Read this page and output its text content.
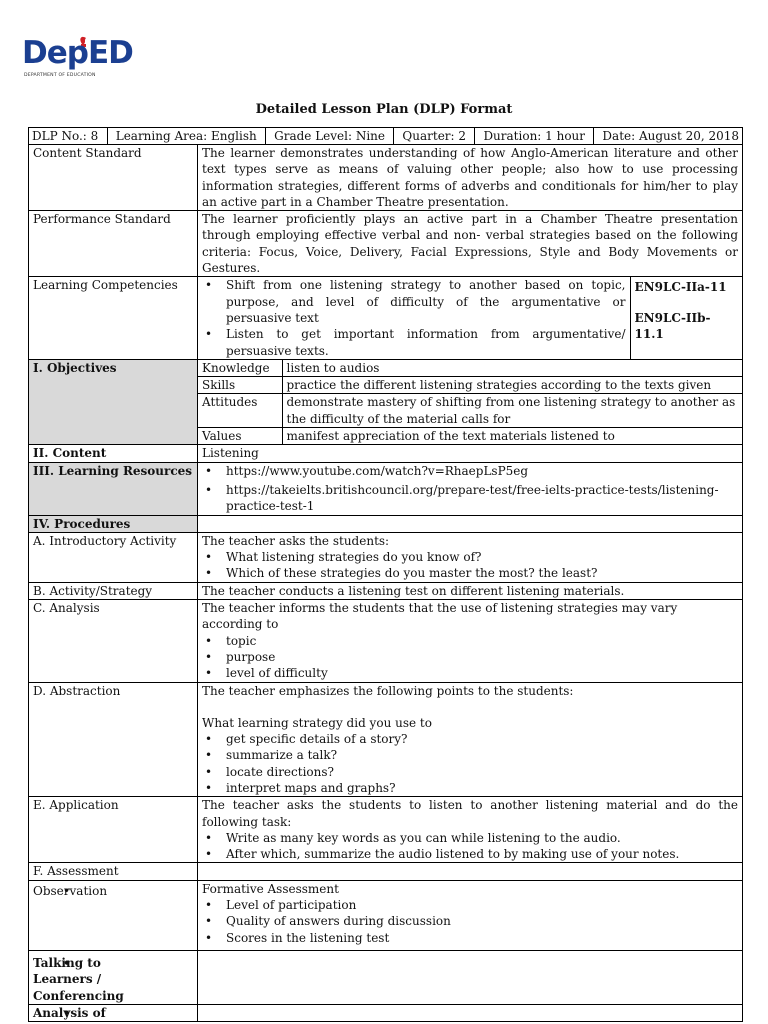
DepED
DEPARTMENT OF EDUCATION
Detailed Lesson Plan (DLP) Format
DLP No.: 8 Learning Area: English Grade Level: Nine Quarter: 2 Duration: 1 hour Date: August 20, 2018

Content Standard	The learner demonstrates understanding of how Anglo-American literature and other text types serve as means of valuing other people; also how to use processing information strategies, different forms of adverbs and conditionals for him/her to play an active part in a Chamber Theatre presentation.
Performance Standard	The learner proficiently plays an active part in a Chamber Theatre presentation through employing effective verbal and non- verbal strategies based on the following criteria: Focus, Voice, Delivery, Facial Expressions, Style and Body Movements or Gestures.
Learning Competencies	
•	Shift from one listening strategy to another based on topic, purpose, and level of difficulty of the argumentative or persuasive text
• Listen to get important information from argumentative/ persuasive texts.

EN9LC-IIa-11
EN9LC-IIb-11.1

I. Objectives		Knowledge	listen to audios
Skills	practice the different listening strategies according to the texts given
Attitudes	demonstrate mastery of shifting from one listening strategy to another as the difficulty of the material calls for
Values	manifest appreciation of the text materials listened to

II. Content	Listening
III. Learning Resources	
•https://www.youtube.com/watch?v=RhaepLsP5eg
• https://takeielts.britishcouncil.org/prepare-test/free-ielts-practice-tests/listening-practice-test-1

IV. Procedures	
A. Introductory Activity	The teacher asks the students:
• What listening strategies do you know of?
• Which of these strategies do you master the most? the least?

B. Activity/Strategy	The teacher conducts a listening test on different listening materials.
C. Analysis	The teacher informs the students that the use of listening strategies may vary according to
• topic
• purpose
• level of difficulty

D. Abstraction	The teacher emphasizes the following points to the students:
What learning strategy did you use to
• get specific details of a story?
• summarize a talk?
• locate directions?
• interpret maps and graphs?

E. Application	The teacher asks the students to listen to another listening material and do the following task:
• Write as many key words as you can while listening to the audio.
• After which, summarize the audio listened to by making use of your notes.

F. Assessment	
• Observation	Formative Assessment
• Level of participation
• Quality of answers during discussion
• Scores in the listening test

• Talking to Learners / Conferencing	
• Analysis of	
